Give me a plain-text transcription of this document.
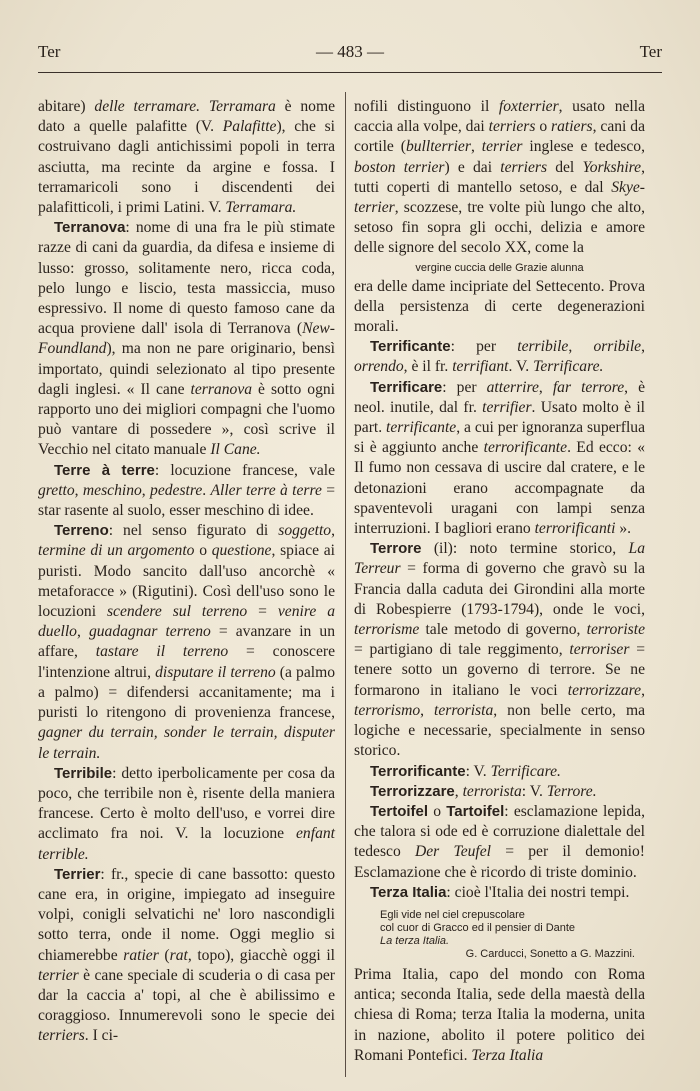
Ter	— 483 —	Ter

abitare) delle terramare. Terramara è nome dato a quelle palafitte (V. Palafitte), che si costruivano dagli antichissimi popoli in terra asciutta, ma recinte da argine e fossa. I terramaricoli sono i discendenti dei palafitticoli, i primi Latini. V. Terramara.

Terranova: nome di una fra le più stimate razze di cani da guardia, da difesa e insieme di lusso: grosso, solitamente nero, ricca coda, pelo lungo e liscio, testa massiccia, muso espressivo. Il nome di questo famoso cane da acqua proviene dall' isola di Terranova (New-Foundland), ma non ne pare originario, bensì importato, quindi selezionato al tipo presente dagli inglesi. « Il cane terranova è sotto ogni rapporto uno dei migliori compagni che l'uomo può vantare di possedere », così scrive il Vecchio nel citato manuale Il Cane.

Terre à terre: locuzione francese, vale gretto, meschino, pedestre. Aller terre à terre = star rasente al suolo, esser meschino di idee.

Terreno: nel senso figurato di soggetto, termine di un argomento o questione, spiace ai puristi. Modo sancito dall'uso ancorchè « metaforacce » (Rigutini). Così dell'uso sono le locuzioni scendere sul terreno = venire a duello, guadagnar terreno = avanzare in un affare, tastare il terreno = conoscere l'intenzione altrui, disputare il terreno (a palmo a palmo) = difendersi accanitamente; ma i puristi lo ritengono di provenienza francese, gagner du terrain, sonder le terrain, disputer le terrain.

Terribile: detto iperbolicamente per cosa da poco, che terribile non è, risente della maniera francese. Certo è molto dell'uso, e vorrei dire acclimato fra noi. V. la locuzione enfant terrible.

Terrier: fr., specie di cane bassotto: questo cane era, in origine, impiegato ad inseguire volpi, conigli selvatichi ne' loro nascondigli sotto terra, onde il nome. Oggi meglio si chiamerebbe ratier (rat, topo), giacchè oggi il terrier è cane speciale di scuderia o di casa per dar la caccia a' topi, al che è abilissimo e coraggioso. Innumerevoli sono le specie dei terriers. I ci-

nofili distinguono il foxterrier, usato nella caccia alla volpe, dai terriers o ratiers, cani da cortile (bullterrier, terrier inglese e tedesco, boston terrier) e dai terriers del Yorkshire, tutti coperti di mantello setoso, e dal Skye-terrier, scozzese, tre volte più lungo che alto, setoso fin sopra gli occhi, delizia e amore delle signore del secolo XX, come la

vergine cuccia delle Grazie alunna

era delle dame incipriate del Settecento. Prova della persistenza di certe degenerazioni morali.

Terrificante: per terribile, orribile, orrendo, è il fr. terrifiant. V. Terrificare.

Terrificare: per atterrire, far terrore, è neol. inutile, dal fr. terrifier. Usato molto è il part. terrificante, a cui per ignoranza superflua si è aggiunto anche terrorificante. Ed ecco: « Il fumo non cessava di uscire dal cratere, e le detonazioni erano accompagnate da spaventevoli uragani con lampi senza interruzioni. I bagliori erano terrorificanti ».

Terrore (il): noto termine storico, La Terreur = forma di governo che gravò su la Francia dalla caduta dei Girondini alla morte di Robespierre (1793-1794), onde le voci, terrorisme tale metodo di governo, terroriste = partigiano di tale reggimento, terroriser = tenere sotto un governo di terrore. Se ne formarono in italiano le voci terrorizzare, terrorismo, terrorista, non belle certo, ma logiche e necessarie, specialmente in senso storico.

Terrorificante: V. Terrificare.

Terrorizzare, terrorista: V. Terrore.

Tertoifel o Tartoifel: esclamazione lepida, che talora si ode ed è corruzione dialettale del tedesco Der Teufel = per il demonio! Esclamazione che è ricordo di triste dominio.

Terza Italia: cioè l'Italia dei nostri tempi.

Egli vide nel ciel crepuscolare
col cuor di Gracco ed il pensier di Dante
La terza Italia.
G. Carducci, Sonetto a G. Mazzini.

Prima Italia, capo del mondo con Roma antica; seconda Italia, sede della maestà della chiesa di Roma; terza Italia la moderna, unita in nazione, abolito il potere politico dei Romani Pontefici. Terza Italia
